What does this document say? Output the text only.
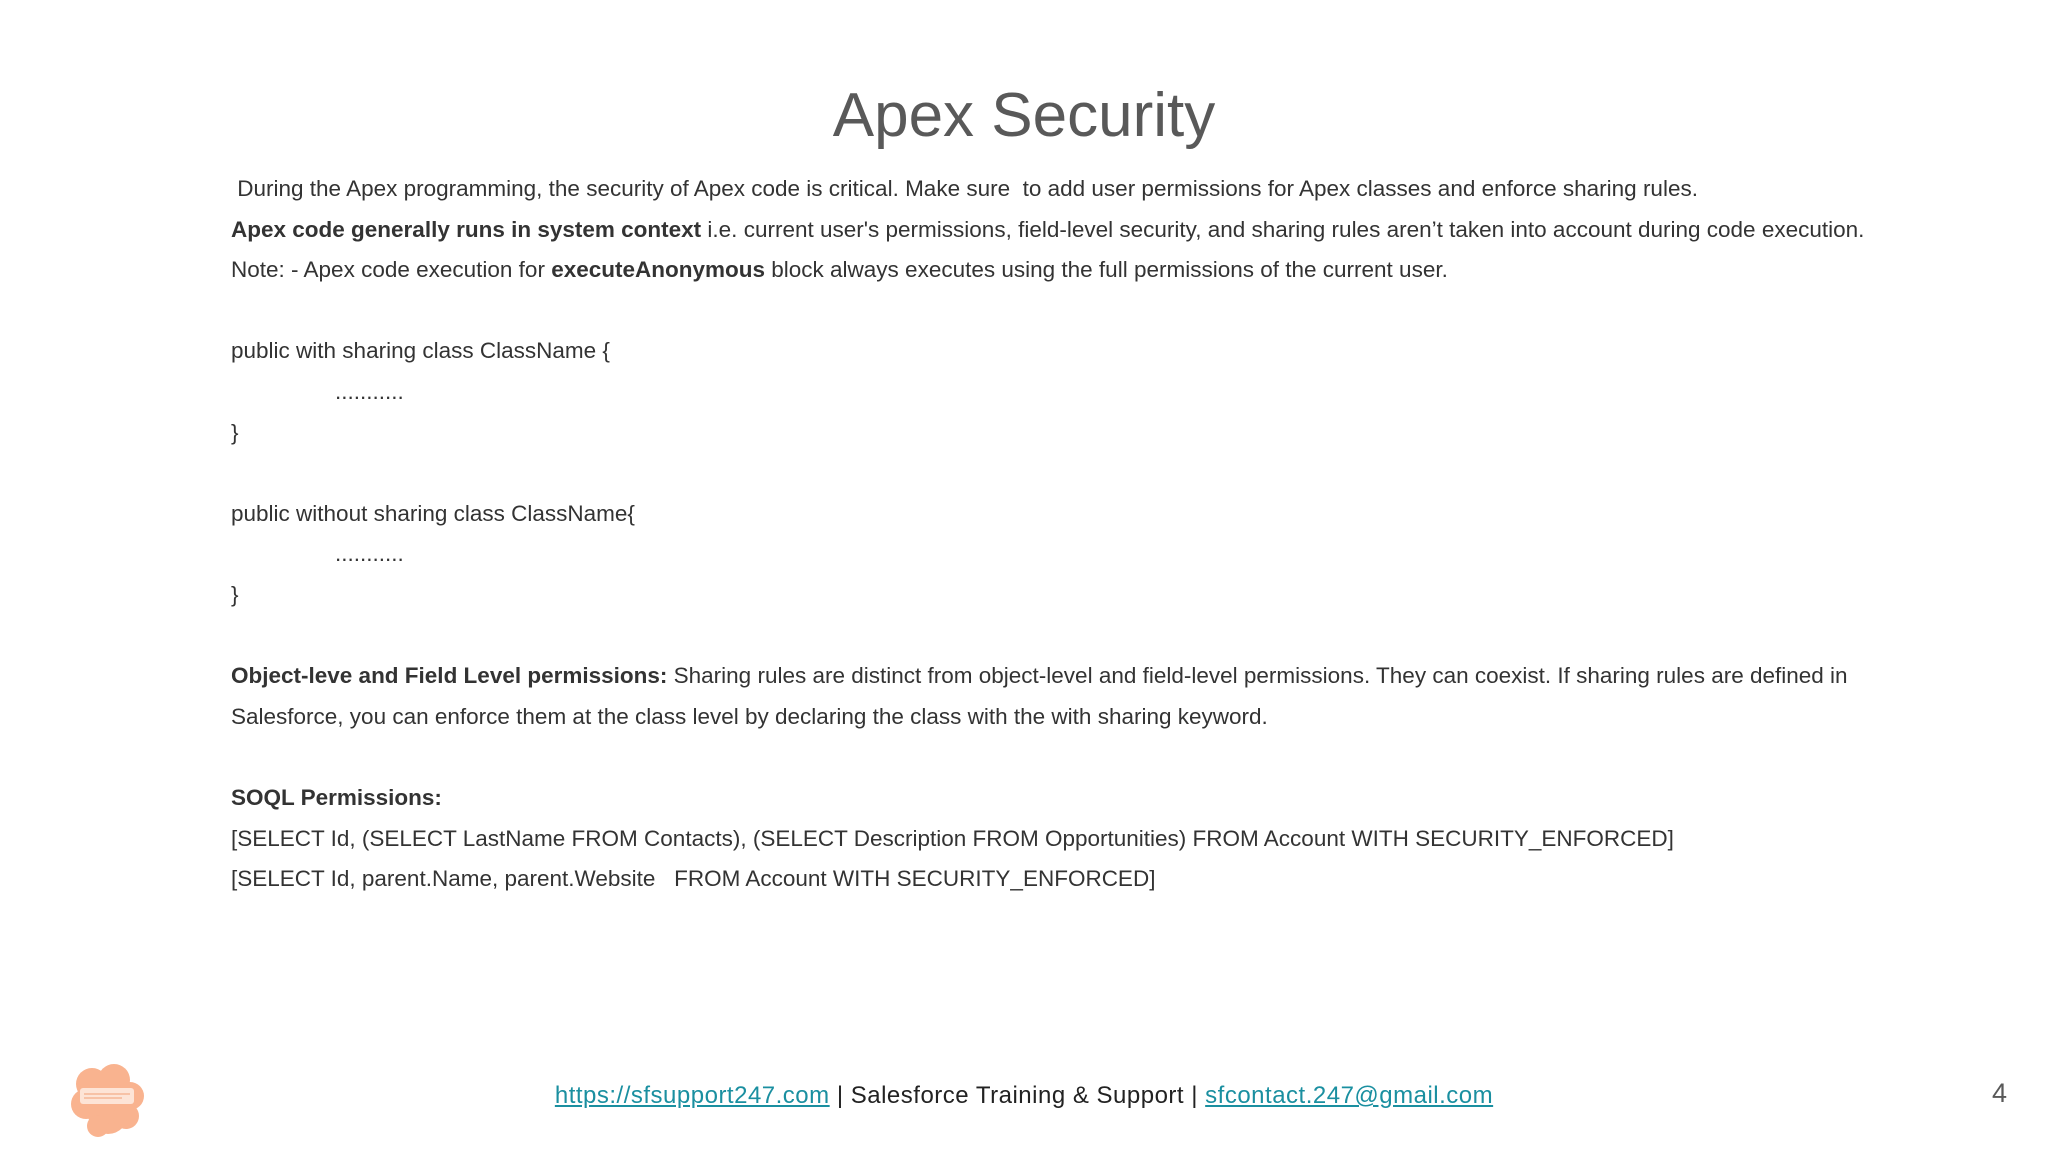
Apex Security
During the Apex programming, the security of Apex code is critical. Make sure  to add user permissions for Apex classes and enforce sharing rules.
Apex code generally runs in system context i.e. current user's permissions, field-level security, and sharing rules aren’t taken into account during code execution.
Note: - Apex code execution for executeAnonymous block always executes using the full permissions of the current user.
public with sharing class ClassName {
...........
}
public without sharing class ClassName{
...........
}
Object-leve and Field Level permissions: Sharing rules are distinct from object-level and field-level permissions. They can coexist. If sharing rules are defined in
Salesforce, you can enforce them at the class level by declaring the class with the with sharing keyword.
SOQL Permissions:
[SELECT Id, (SELECT LastName FROM Contacts), (SELECT Description FROM Opportunities) FROM Account WITH SECURITY_ENFORCED]
[SELECT Id, parent.Name, parent.Website   FROM Account WITH SECURITY_ENFORCED]
https://sfsupport247.com | Salesforce Training & Support | sfcontact.247@gmail.com	4
